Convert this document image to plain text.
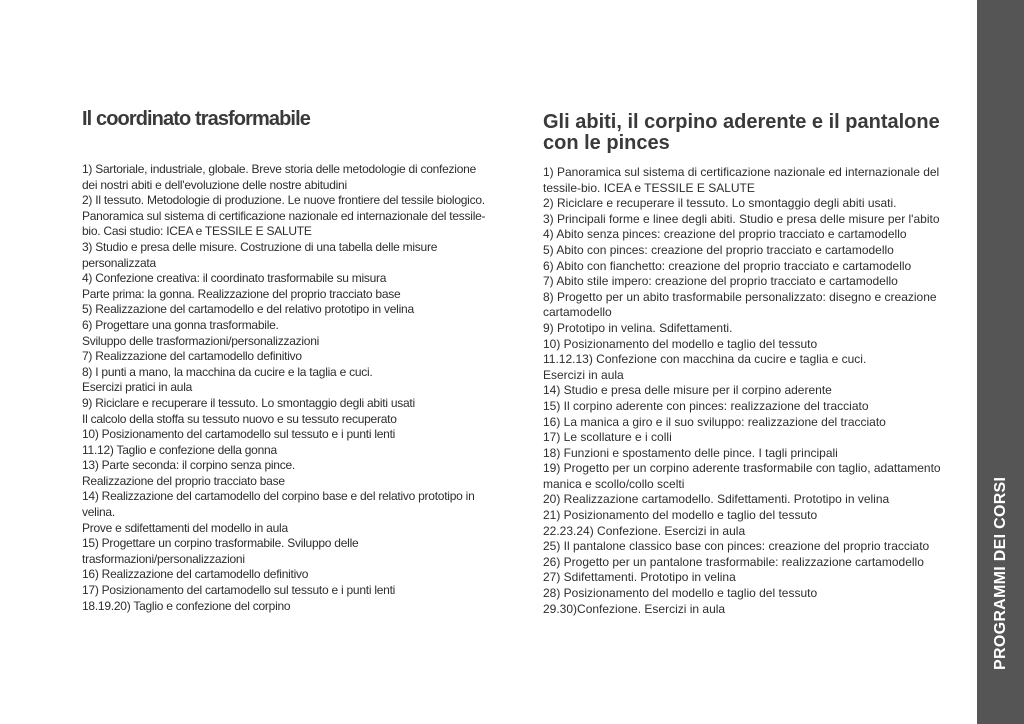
Il coordinato trasformabile
1) Sartoriale, industriale, globale. Breve storia delle metodologie di confezione dei nostri abiti e dell'evoluzione delle nostre abitudini
2) Il tessuto. Metodologie di produzione. Le nuove frontiere del tessile biologico. Panoramica sul sistema di certificazione nazionale ed internazionale del tessile-bio. Casi studio: ICEA e TESSILE E SALUTE
3) Studio e presa delle misure. Costruzione di una tabella delle misure personalizzata
4) Confezione creativa: il coordinato trasformabile su misura
Parte prima: la gonna. Realizzazione del proprio tracciato base
5) Realizzazione del cartamodello e del relativo prototipo in velina
6) Progettare una gonna trasformabile.
Sviluppo delle trasformazioni/personalizzazioni
7) Realizzazione del cartamodello definitivo
8) I punti a mano, la macchina da cucire e la taglia e cuci.
Esercizi pratici in aula
9) Riciclare e recuperare il tessuto. Lo smontaggio degli abiti usati
Il calcolo della stoffa su tessuto nuovo e su tessuto recuperato
10) Posizionamento del cartamodello sul tessuto e i punti lenti
11.12) Taglio e confezione della gonna
13) Parte seconda: il corpino senza pince.
Realizzazione del proprio tracciato base
14) Realizzazione del cartamodello del corpino base e del relativo prototipo in velina.
Prove e sdifettamenti del modello in aula
15) Progettare un corpino trasformabile. Sviluppo delle trasformazioni/personalizzazioni
16) Realizzazione del cartamodello definitivo
17) Posizionamento del cartamodello sul tessuto e i punti lenti
18.19.20) Taglio e confezione del corpino
Gli abiti, il corpino aderente e il pantalone con le pinces
1) Panoramica sul sistema di certificazione nazionale ed internazionale del tessile-bio. ICEA e TESSILE E SALUTE
2) Riciclare e recuperare il tessuto. Lo smontaggio degli abiti usati.
3) Principali forme e linee degli abiti. Studio e presa delle misure per l'abito
4) Abito senza pinces: creazione del proprio tracciato e cartamodello
5) Abito con pinces: creazione del proprio tracciato e cartamodello
6) Abito con fianchetto: creazione del proprio tracciato e cartamodello
7) Abito stile impero: creazione del proprio tracciato e cartamodello
8) Progetto per un abito trasformabile personalizzato: disegno e creazione cartamodello
9) Prototipo in velina. Sdifettamenti.
10) Posizionamento del modello e taglio del tessuto
11.12.13) Confezione con macchina da cucire e taglia e cuci.
Esercizi in aula
14) Studio e presa delle misure per il corpino aderente
15) Il corpino aderente con pinces: realizzazione del tracciato
16) La manica a giro e il suo sviluppo: realizzazione del tracciato
17) Le scollature e i colli
18) Funzioni e spostamento delle pince. I tagli principali
19) Progetto per un corpino aderente trasformabile con taglio, adattamento manica e scollo/collo scelti
20) Realizzazione cartamodello. Sdifettamenti. Prototipo in velina
21) Posizionamento del modello e taglio del tessuto
22.23.24) Confezione. Esercizi in aula
25) Il pantalone classico base con pinces: creazione del proprio tracciato
26) Progetto per un pantalone trasformabile: realizzazione cartamodello
27) Sdifettamenti. Prototipo in velina
28) Posizionamento del modello e taglio del tessuto
29.30)Confezione. Esercizi in aula	PROGRAMMI DEI CORSI
